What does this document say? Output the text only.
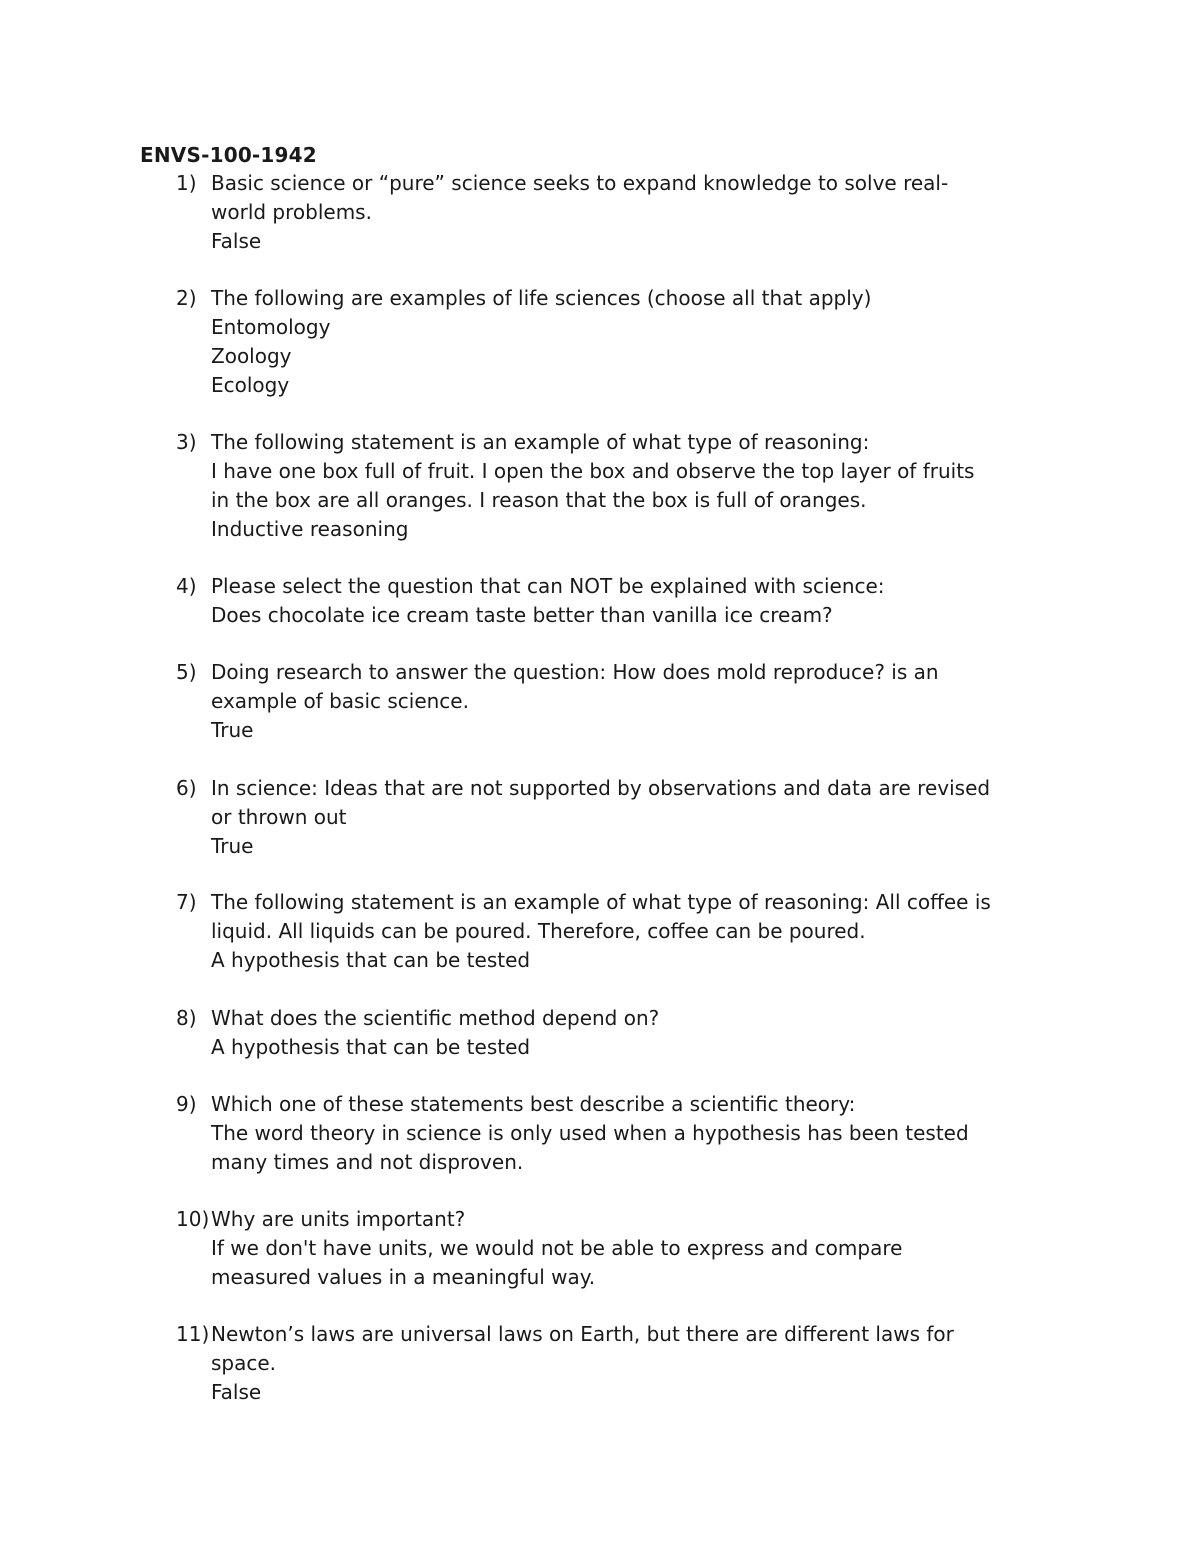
ENVS-100-1942
1) Basic science or “pure” science seeks to expand knowledge to solve real-
world problems.
False
2) The following are examples of life sciences (choose all that apply)
Entomology
Zoology
Ecology
3) The following statement is an example of what type of reasoning:
I have one box full of fruit. I open the box and observe the top layer of fruits
in the box are all oranges. I reason that the box is full of oranges.
Inductive reasoning
4) Please select the question that can NOT be explained with science:
Does chocolate ice cream taste better than vanilla ice cream?
5) Doing research to answer the question: How does mold reproduce? is an
example of basic science.
True
6) In science: Ideas that are not supported by observations and data are revised
or thrown out
True
7) The following statement is an example of what type of reasoning: All coffee is
liquid. All liquids can be poured. Therefore, coffee can be poured.
A hypothesis that can be tested
8) What does the scientific method depend on?
A hypothesis that can be tested
9) Which one of these statements best describe a scientific theory:
The word theory in science is only used when a hypothesis has been tested
many times and not disproven.
10) Why are units important?
If we don't have units, we would not be able to express and compare
measured values in a meaningful way.
11) Newton’s laws are universal laws on Earth, but there are different laws for
space.
False
